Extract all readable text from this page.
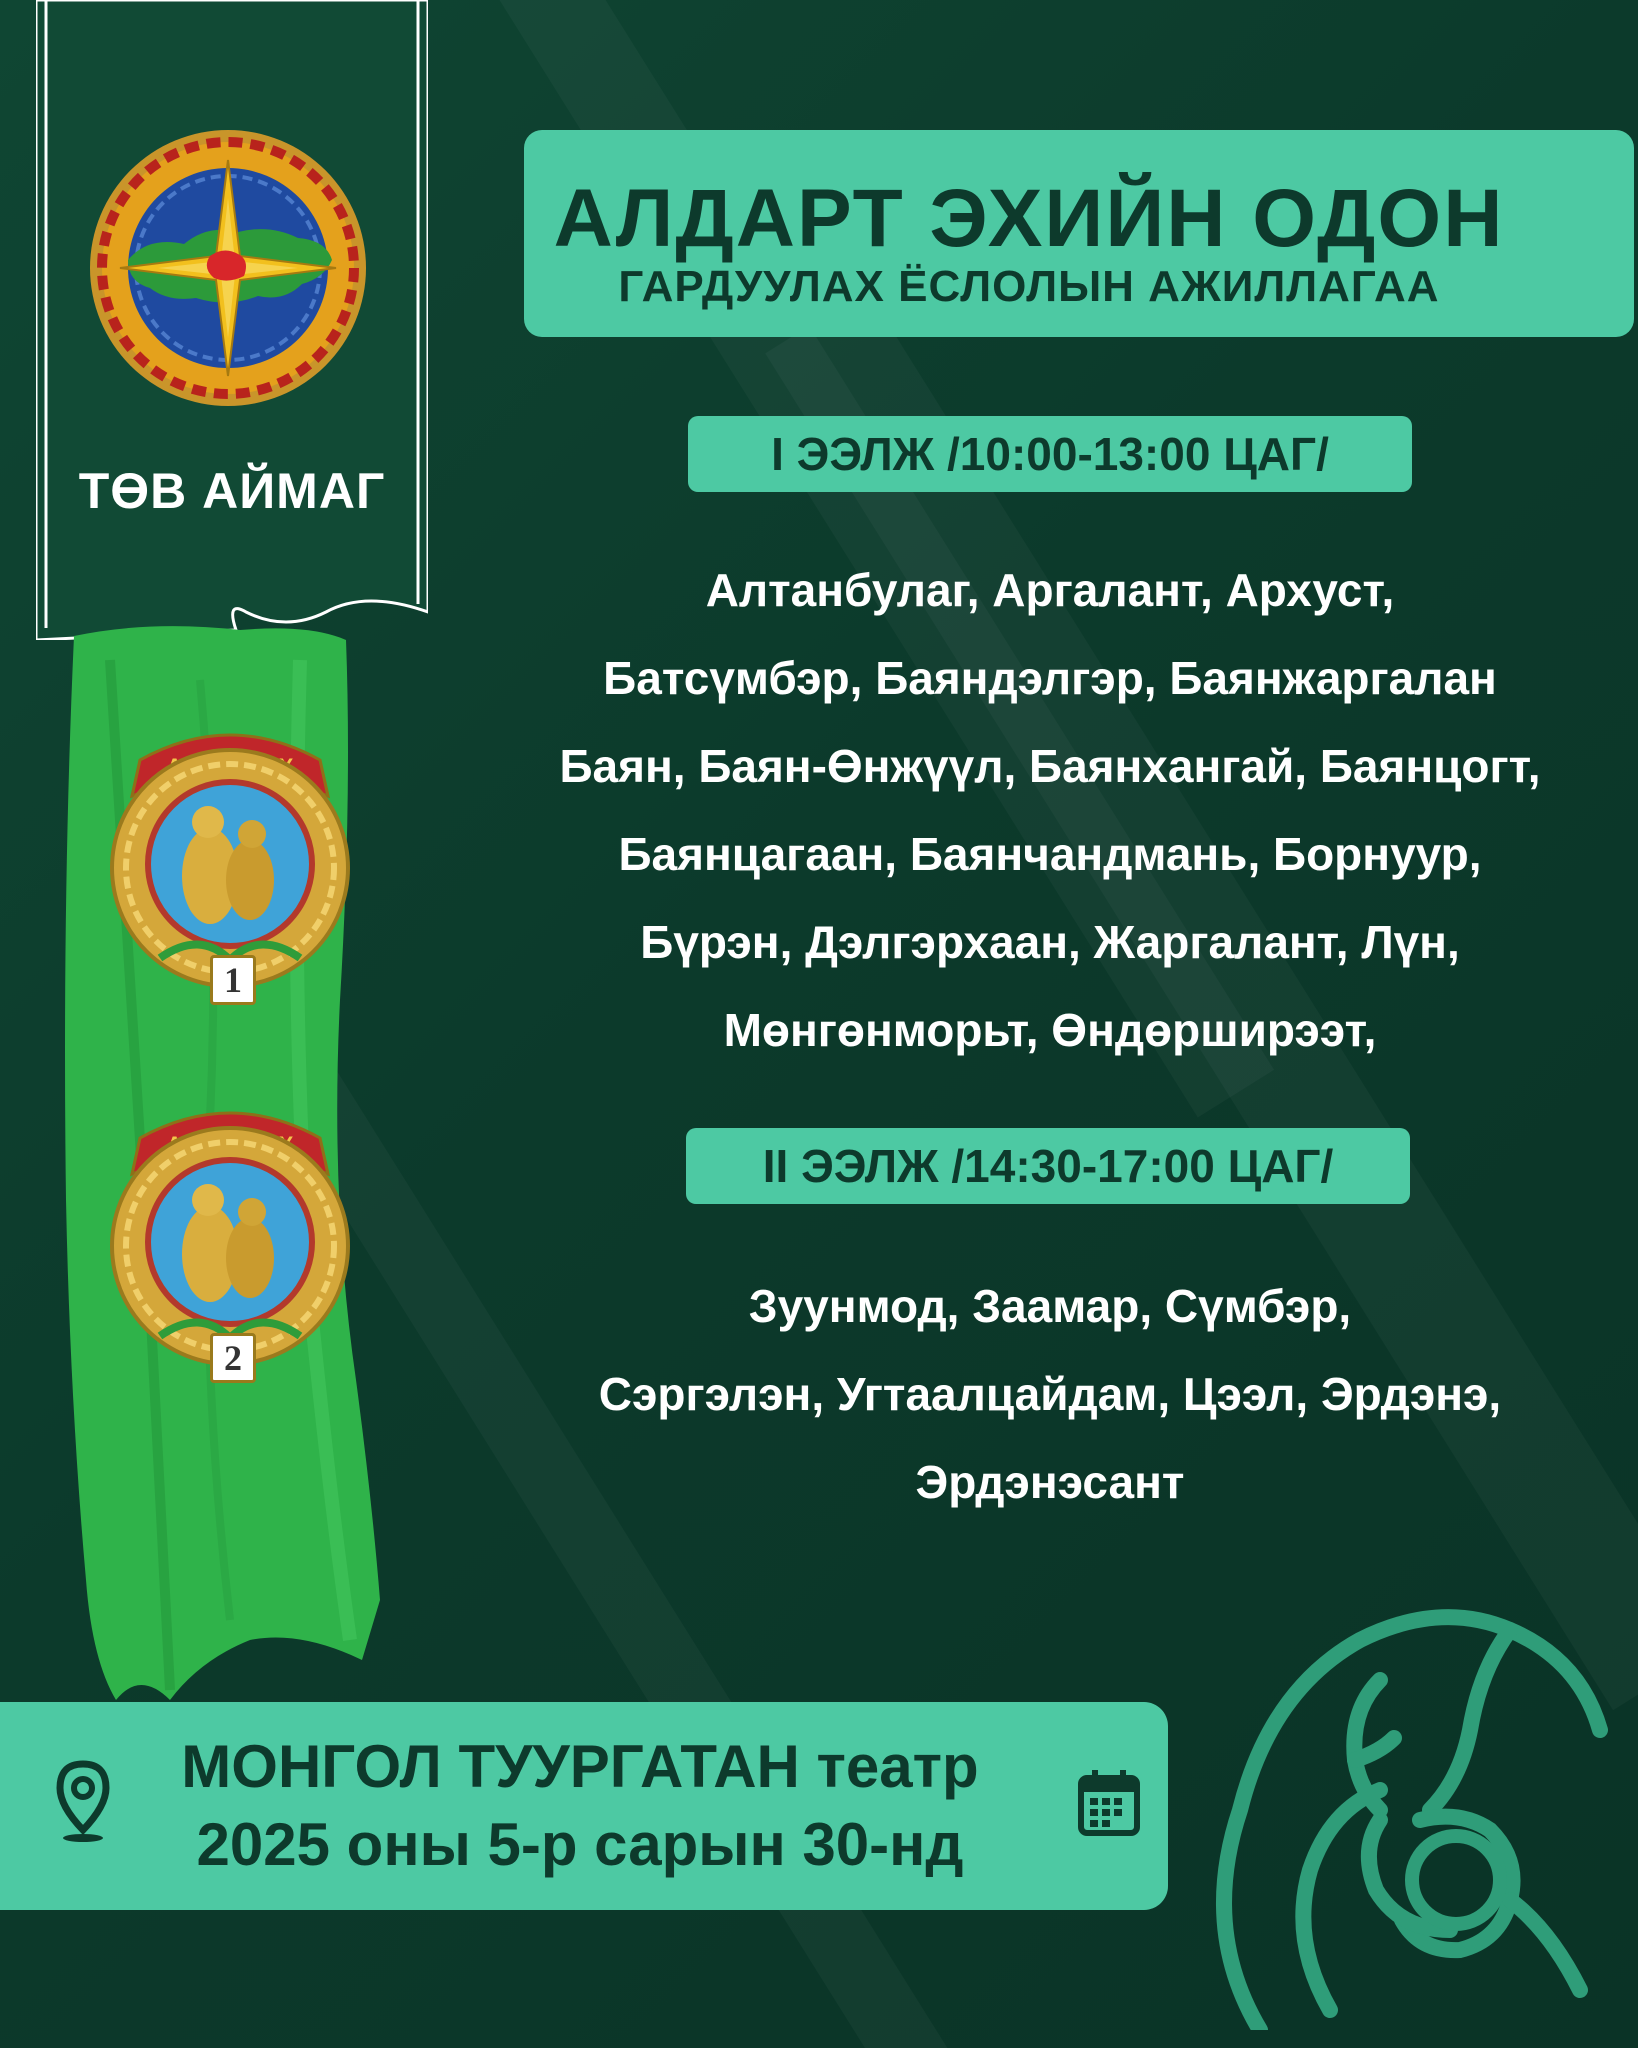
ТӨВ АЙМАГ
1
2
АЛДАРТ ЭХИЙН ОДОН
ГАРДУУЛАХ ЁСЛОЛЫН АЖИЛЛАГАА
I ЭЭЛЖ /10:00-13:00 ЦАГ/
Алтанбулаг, Аргалант, Архуст,
Батсүмбэр, Баяндэлгэр, Баянжаргалан
Баян, Баян-Өнжүүл, Баянхангай, Баянцогт,
Баянцагаан, Баянчандмань, Борнуур,
Бүрэн, Дэлгэрхаан, Жаргалант, Лүн,
Мөнгөнморьт, Өндөрширээт,
II ЭЭЛЖ /14:30-17:00 ЦАГ/
Зуунмод, Заамар, Сүмбэр,
Сэргэлэн, Угтаалцайдам, Цээл, Эрдэнэ,
Эрдэнэсант
МОНГОЛ ТУУРГАТАН театр
2025 оны 5-р сарын 30-нд
